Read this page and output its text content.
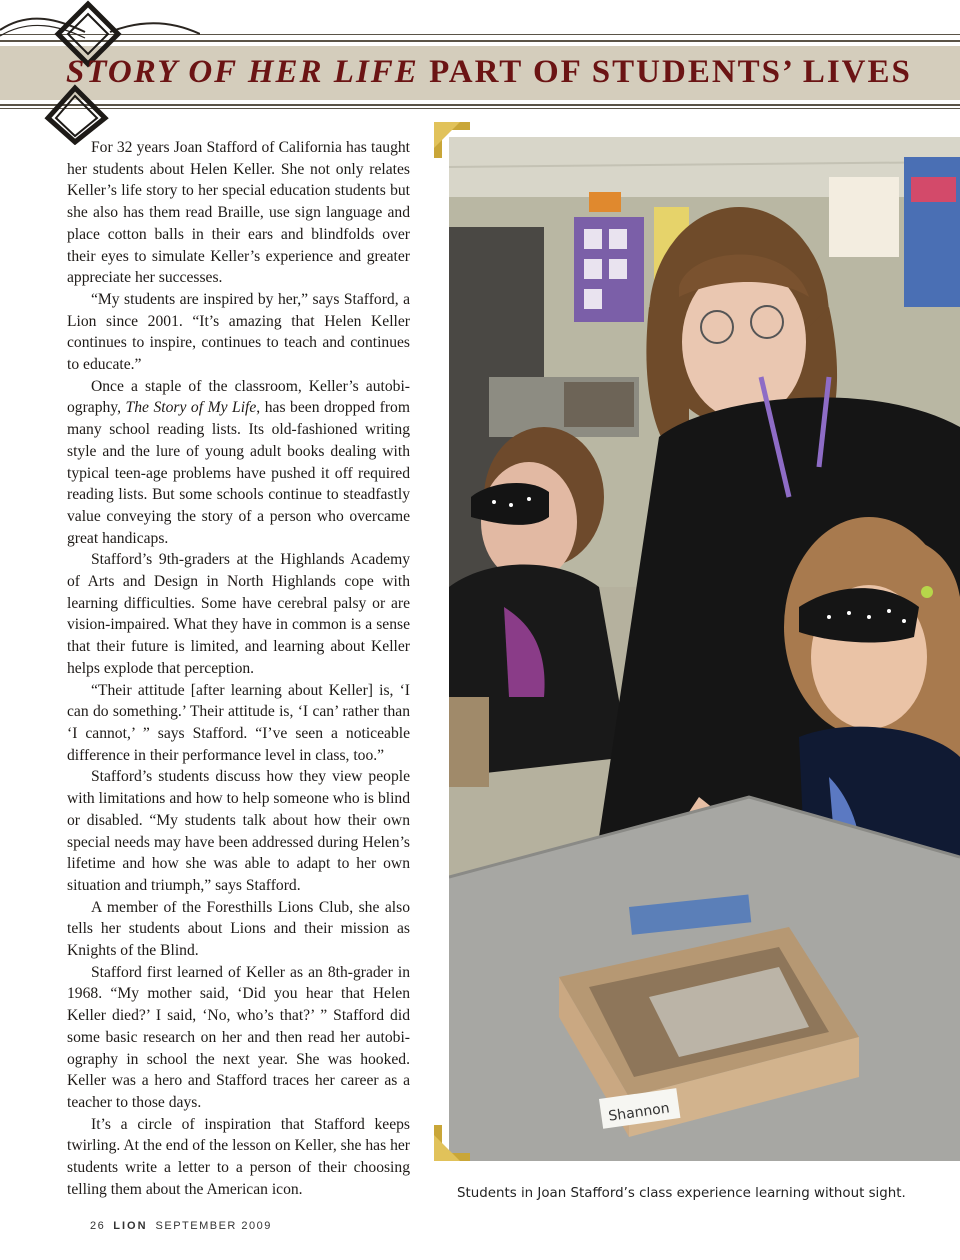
STORY OF HER LIFE PART OF STUDENTS’ LIVES

For 32 years Joan Stafford of California has taught her students about Helen Keller. She not only relates Keller’s life story to her special education students but she also has them read Braille, use sign language and place cotton balls in their ears and blindfolds over their eyes to simulate Keller’s experience and greater appreciate her successes.

“My students are inspired by her,” says Stafford, a Lion since 2001. “It’s amazing that Helen Keller continues to inspire, continues to teach and continues to educate.”

Once a staple of the classroom, Keller’s autobiography, The Story of My Life, has been dropped from many school reading lists. Its old-fashioned writing style and the lure of young adult books dealing with typical teen-age problems have pushed it off required reading lists. But some schools continue to steadfastly value conveying the story of a person who overcame great handicaps.

Stafford’s 9th-graders at the Highlands Academy of Arts and Design in North Highlands cope with learning difficulties. Some have cerebral palsy or are vision-impaired. What they have in common is a sense that their future is limited, and learning about Keller helps explode that perception.

“Their attitude [after learning about Keller] is, ‘I can do something.’ Their attitude is, ‘I can’ rather than ‘I cannot,’ ” says Stafford. “I’ve seen a noticeable difference in their performance level in class, too.”

Stafford’s students discuss how they view people with limitations and how to help someone who is blind or disabled. “My students talk about how their own special needs may have been addressed during Helen’s lifetime and how she was able to adapt to her own situation and triumph,” says Stafford.

A member of the Foresthills Lions Club, she also tells her students about Lions and their mission as Knights of the Blind.

Stafford first learned of Keller as an 8th-grader in 1968. “My mother said, ‘Did you hear that Helen Keller died?’ I said, ‘No, who’s that?’ ” Stafford did some basic research on her and then read her autobiography in school the next year. She was hooked. Keller was a hero and Stafford traces her career as a teacher to those days.

It’s a circle of inspiration that Stafford keeps twirling. At the end of the lesson on Keller, she has her students write a letter to a person of their choosing telling them about the American icon.

Shannon

Students in Joan Stafford’s class experience learning without sight.

26 LION SEPTEMBER 2009
